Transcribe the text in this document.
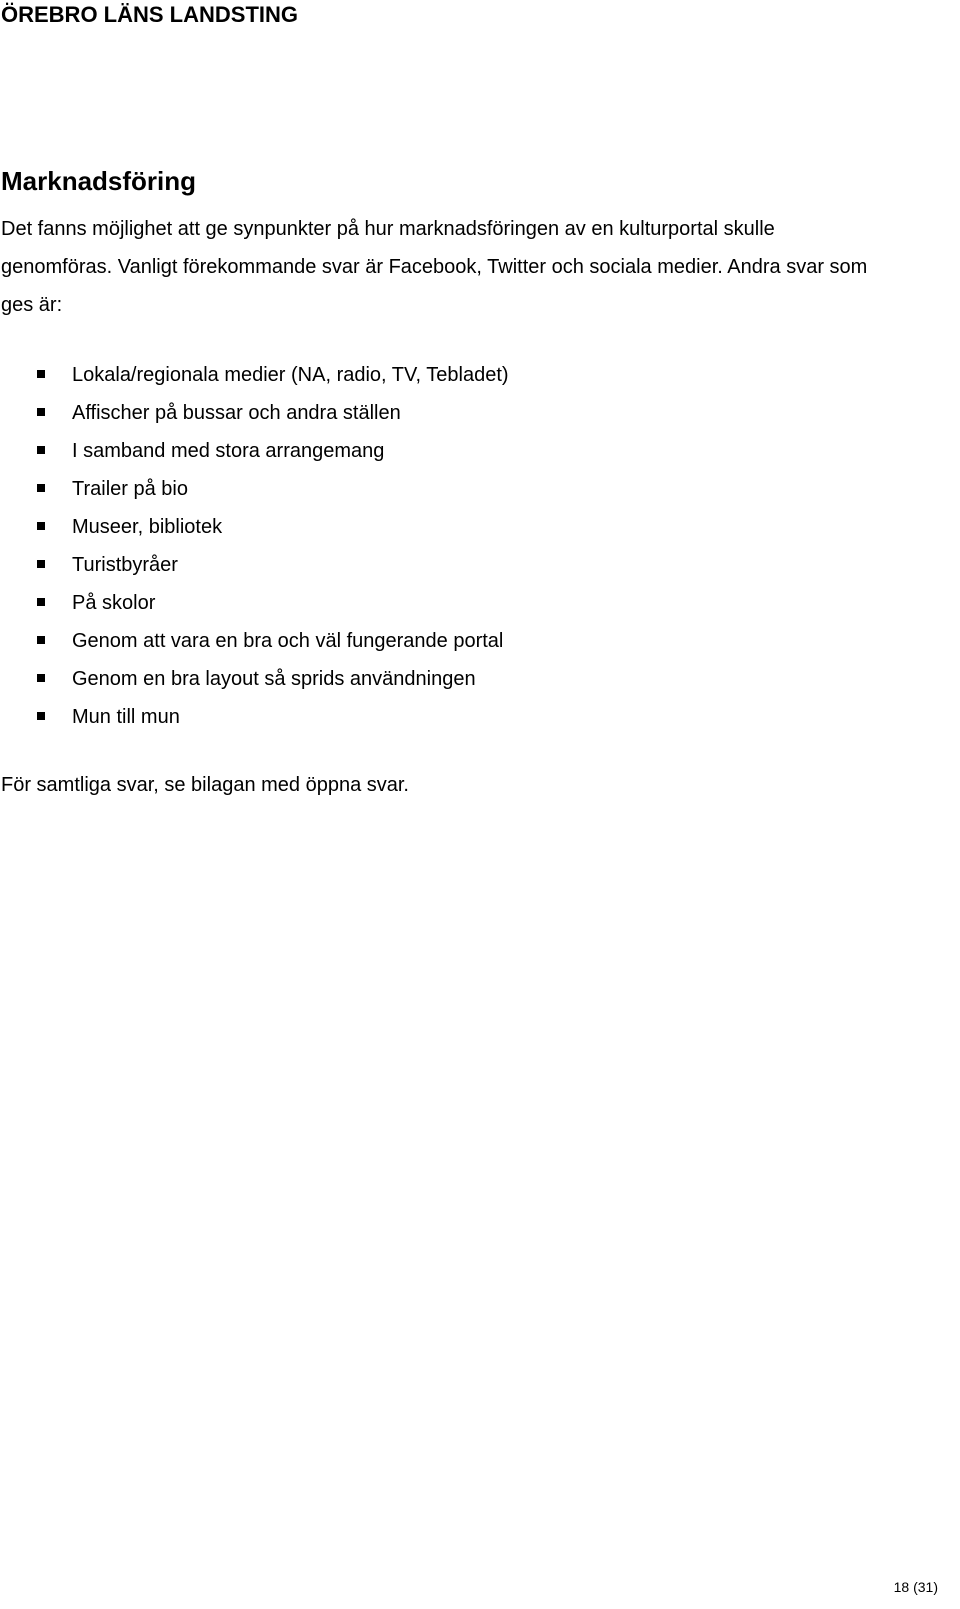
ÖREBRO LÄNS LANDSTING
Marknadsföring

Det fanns möjlighet att ge synpunkter på hur marknadsföringen av en kulturportal skulle genomföras. Vanligt förekommande svar är Facebook, Twitter och sociala medier. Andra svar som ges är:

Lokala/regionala medier (NA, radio, TV, Tebladet)
Affischer på bussar och andra ställen
I samband med stora arrangemang
Trailer på bio
Museer, bibliotek
Turistbyråer
På skolor
Genom att vara en bra och väl fungerande portal
Genom en bra layout så sprids användningen
Mun till mun

För samtliga svar, se bilagan med öppna svar.

18 (31)
